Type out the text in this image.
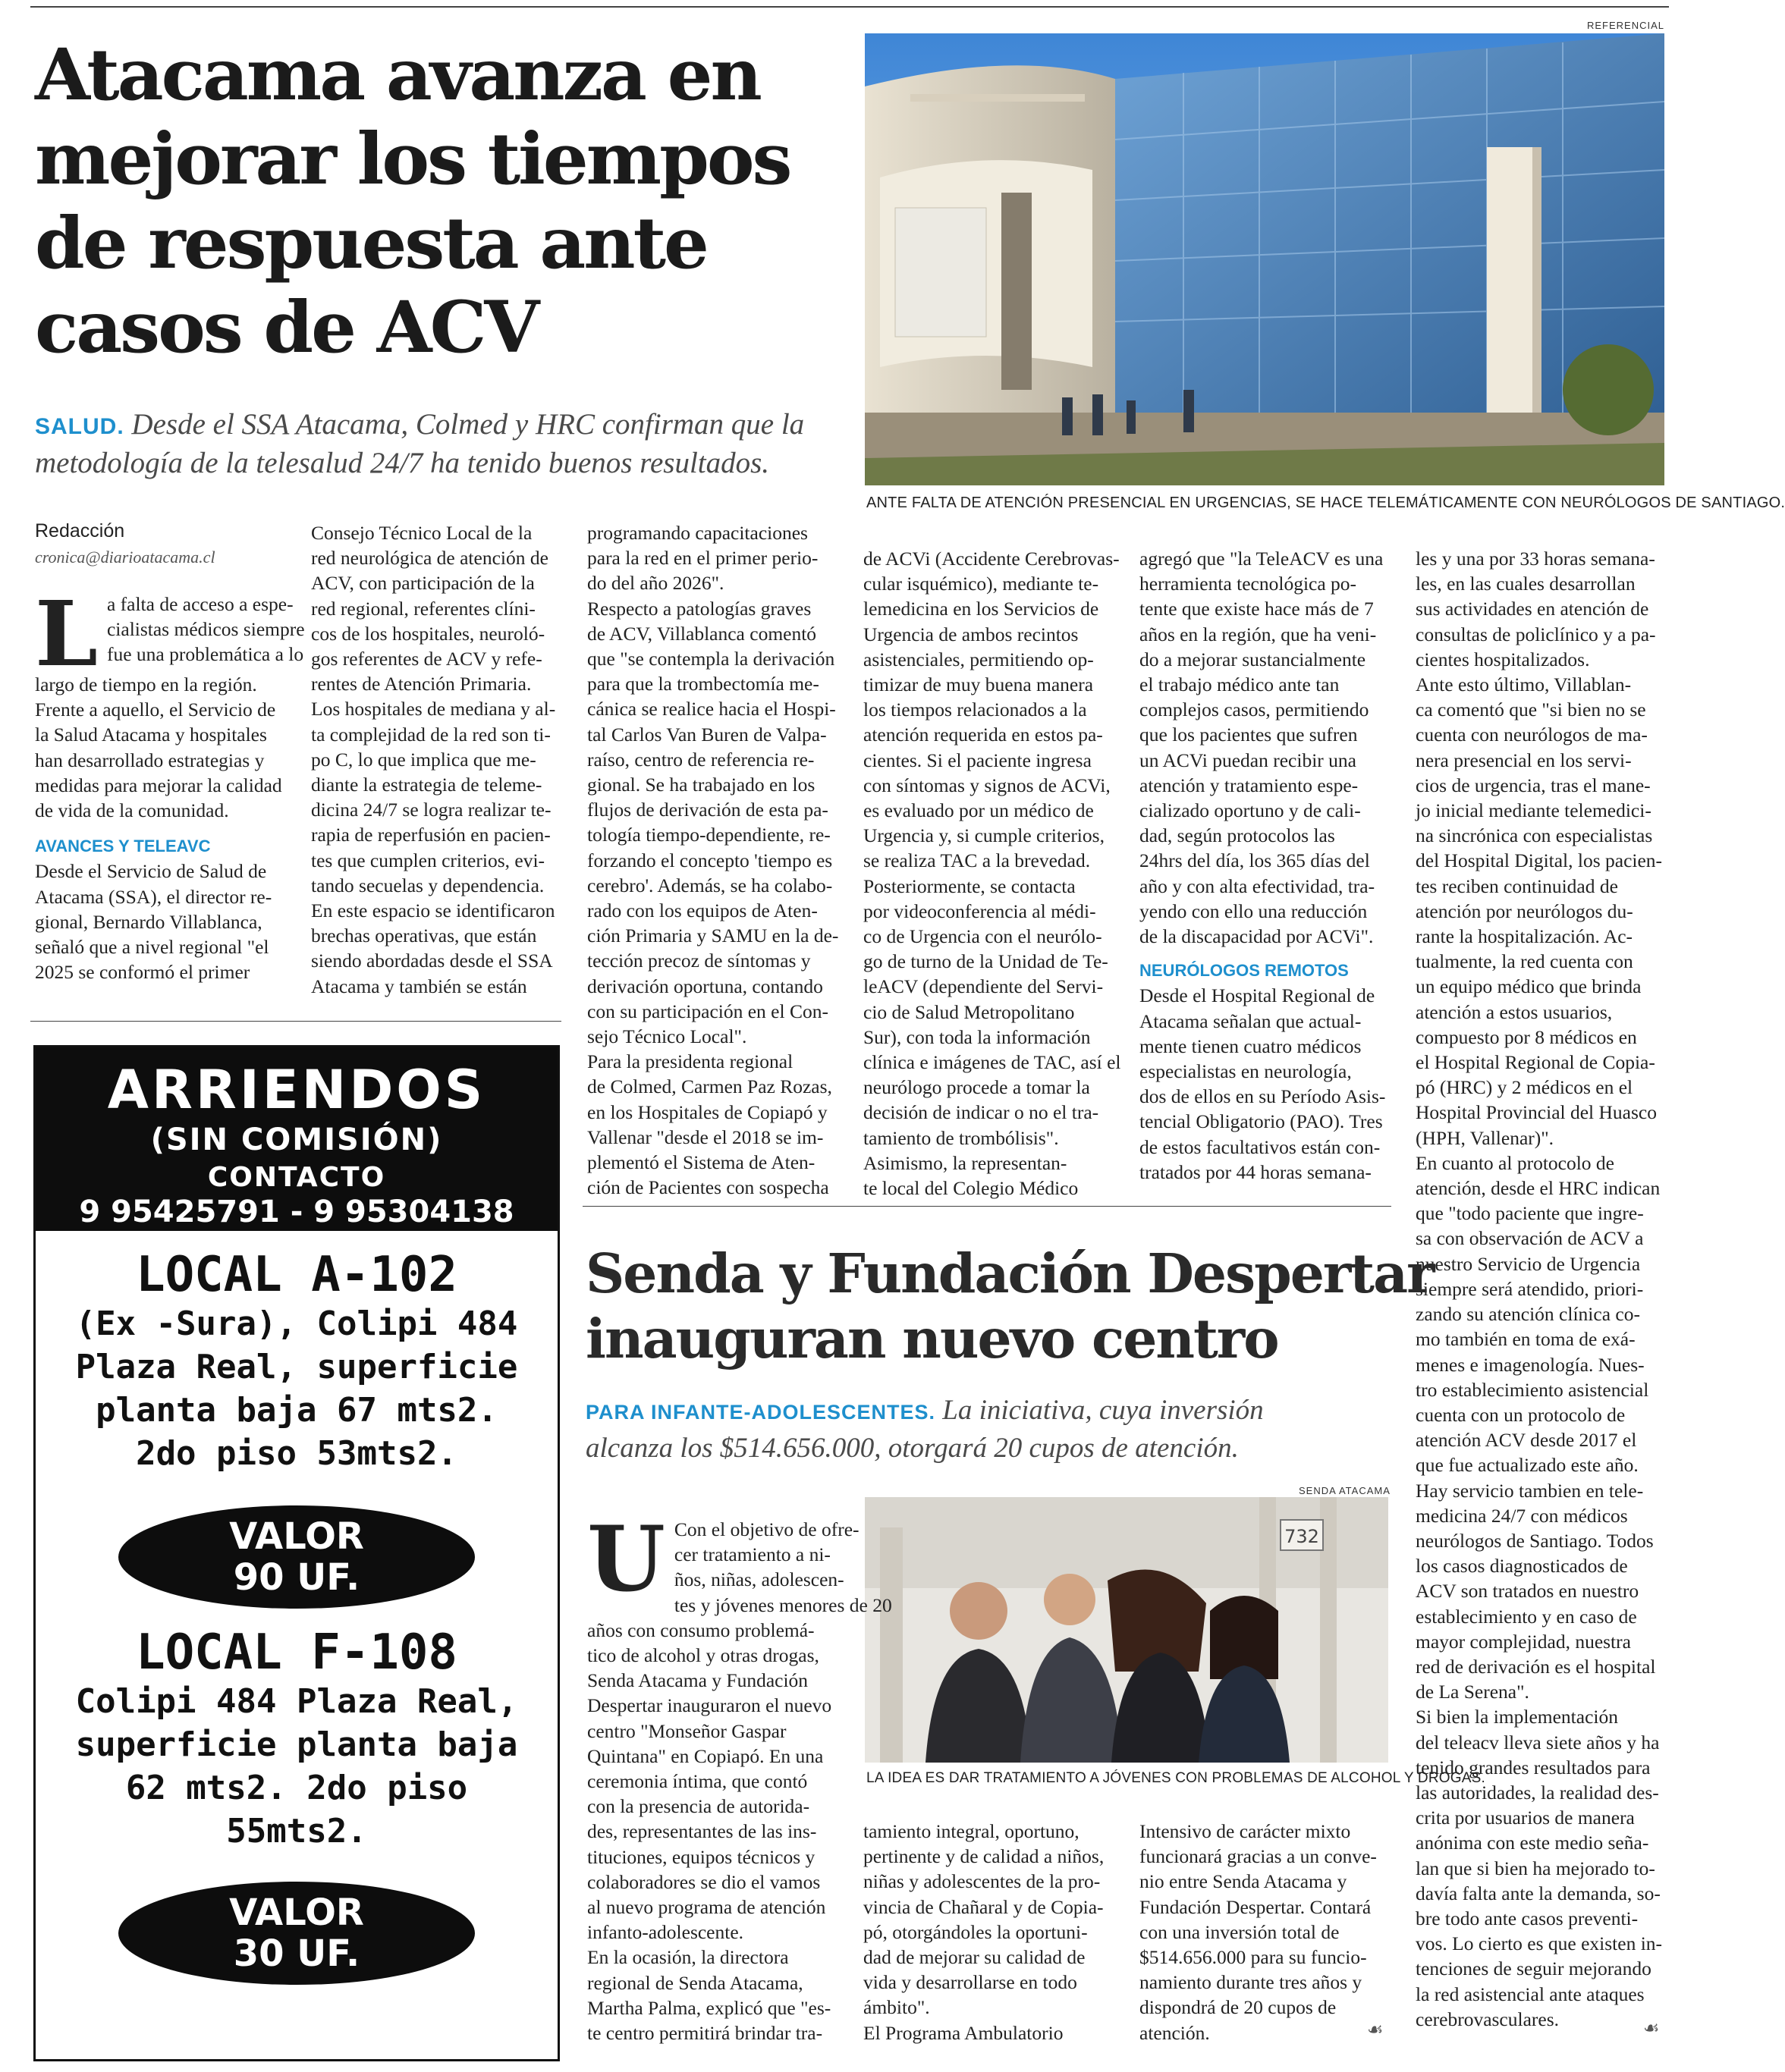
Atacama avanza en
mejorar los tiempos
de respuesta ante
casos de ACV
SALUD. Desde el SSA Atacama, Colmed y HRC confirman que la
metodología de la telesalud 24/7 ha tenido buenos resultados.
REFERENCIAL
ANTE FALTA DE ATENCIÓN PRESENCIAL EN URGENCIAS, SE HACE TELEMÁTICAMENTE CON NEURÓLOGOS DE SANTIAGO.
Redacción
cronica@diarioatacama.cl
L a falta de acceso a espe-
cialistas médicos siempre
fue una problemática a lo
largo de tiempo en la región.
Frente a aquello, el Servicio de
la Salud Atacama y hospitales
han desarrollado estrategias y
medidas para mejorar la calidad
de vida de la comunidad.
AVANCES Y TELEAVC
Desde el Servicio de Salud de
Atacama (SSA), el director re-
gional, Bernardo Villablanca,
señaló que a nivel regional "el
2025 se conformó el primer
Consejo Técnico Local de la
red neurológica de atención de
ACV, con participación de la
red regional, referentes clíni-
cos de los hospitales, neuroló-
gos referentes de ACV y refe-
rentes de Atención Primaria.
Los hospitales de mediana y al-
ta complejidad de la red son ti-
po C, lo que implica que me-
diante la estrategia de teleme-
dicina 24/7 se logra realizar te-
rapia de reperfusión en pacien-
tes que cumplen criterios, evi-
tando secuelas y dependencia.
En este espacio se identificaron
brechas operativas, que están
siendo abordadas desde el SSA
Atacama y también se están
programando capacitaciones
para la red en el primer perio-
do del año 2026".
Respecto a patologías graves
de ACV, Villablanca comentó
que "se contempla la derivación
para que la trombectomía me-
cánica se realice hacia el Hospi-
tal Carlos Van Buren de Valpa-
raíso, centro de referencia re-
gional. Se ha trabajado en los
flujos de derivación de esta pa-
tología tiempo-dependiente, re-
forzando el concepto 'tiempo es
cerebro'. Además, se ha colabo-
rado con los equipos de Aten-
ción Primaria y SAMU en la de-
tección precoz de síntomas y
derivación oportuna, contando
con su participación en el Con-
sejo Técnico Local".
Para la presidenta regional
de Colmed, Carmen Paz Rozas,
en los Hospitales de Copiapó y
Vallenar "desde el 2018 se im-
plementó el Sistema de Aten-
ción de Pacientes con sospecha
de ACVi (Accidente Cerebrovas-
cular isquémico), mediante te-
lemedicina en los Servicios de
Urgencia de ambos recintos
asistenciales, permitiendo op-
timizar de muy buena manera
los tiempos relacionados a la
atención requerida en estos pa-
cientes. Si el paciente ingresa
con síntomas y signos de ACVi,
es evaluado por un médico de
Urgencia y, si cumple criterios,
se realiza TAC a la brevedad.
Posteriormente, se contacta
por videoconferencia al médi-
co de Urgencia con el neurólo-
go de turno de la Unidad de Te-
leACV (dependiente del Servi-
cio de Salud Metropolitano
Sur), con toda la información
clínica e imágenes de TAC, así el
neurólogo procede a tomar la
decisión de indicar o no el tra-
tamiento de trombólisis".
Asimismo, la representan-
te local del Colegio Médico
agregó que "la TeleACV es una
herramienta tecnológica po-
tente que existe hace más de 7
años en la región, que ha veni-
do a mejorar sustancialmente
el trabajo médico ante tan
complejos casos, permitiendo
que los pacientes que sufren
un ACVi puedan recibir una
atención y tratamiento espe-
cializado oportuno y de cali-
dad, según protocolos las
24hrs del día, los 365 días del
año y con alta efectividad, tra-
yendo con ello una reducción
de la discapacidad por ACVi".
NEURÓLOGOS REMOTOS
Desde el Hospital Regional de
Atacama señalan que actual-
mente tienen cuatro médicos
especialistas en neurología,
dos de ellos en su Período Asis-
tencial Obligatorio (PAO). Tres
de estos facultativos están con-
tratados por 44 horas semana-
les y una por 33 horas semana-
les, en las cuales desarrollan
sus actividades en atención de
consultas de policlínico y a pa-
cientes hospitalizados.
Ante esto último, Villablan-
ca comentó que "si bien no se
cuenta con neurólogos de ma-
nera presencial en los servi-
cios de urgencia, tras el mane-
jo inicial mediante telemedici-
na sincrónica con especialistas
del Hospital Digital, los pacien-
tes reciben continuidad de
atención por neurólogos du-
rante la hospitalización. Ac-
tualmente, la red cuenta con
un equipo médico que brinda
atención a estos usuarios,
compuesto por 8 médicos en
el Hospital Regional de Copia-
pó (HRC) y 2 médicos en el
Hospital Provincial del Huasco
(HPH, Vallenar)".
En cuanto al protocolo de
atención, desde el HRC indican
que "todo paciente que ingre-
sa con observación de ACV a
nuestro Servicio de Urgencia
siempre será atendido, priori-
zando su atención clínica co-
mo también en toma de exá-
menes e imagenología. Nues-
tro establecimiento asistencial
cuenta con un protocolo de
atención ACV desde 2017 el
que fue actualizado este año.
Hay servicio tambien en tele-
medicina 24/7 con médicos
neurólogos de Santiago. Todos
los casos diagnosticados de
ACV son tratados en nuestro
establecimiento y en caso de
mayor complejidad, nuestra
red de derivación es el hospital
de La Serena".
Si bien la implementación
del teleacv lleva siete años y ha
tenido grandes resultados para
las autoridades, la realidad des-
crita por usuarios de manera
anónima con este medio seña-
lan que si bien ha mejorado to-
davía falta ante la demanda, so-
bre todo ante casos preventi-
vos. Lo cierto es que existen in-
tenciones de seguir mejorando
la red asistencial ante ataques
cerebrovasculares.	☙
ARRIENDOS
(SIN COMISIÓN)
CONTACTO
9 95425791 - 9 95304138
LOCAL A-102
(Ex -Sura), Colipi 484
Plaza Real, superficie
planta baja 67 mts2.
2do piso 53mts2.
VALOR
90 UF.
LOCAL F-108
Colipi 484 Plaza Real,
superficie planta baja
62 mts2. 2do piso
55mts2.
VALOR
30 UF.
Senda y Fundación Despertar
inauguran nuevo centro
PARA INFANTE-ADOLESCENTES. La iniciativa, cuya inversión
alcanza los $514.656.000, otorgará 20 cupos de atención.
SENDA ATACAMA
732
LA IDEA ES DAR TRATAMIENTO A JÓVENES CON PROBLEMAS DE ALCOHOL Y DROGAS.
U Con el objetivo de ofre-
cer tratamiento a ni-
ños, niñas, adolescen-
tes y jóvenes menores de 20
años con consumo problemá-
tico de alcohol y otras drogas,
Senda Atacama y Fundación
Despertar inauguraron el nuevo
centro "Monseñor Gaspar
Quintana" en Copiapó. En una
ceremonia íntima, que contó
con la presencia de autorida-
des, representantes de las ins-
tituciones, equipos técnicos y
colaboradores se dio el vamos
al nuevo programa de atención
infanto-adolescente.
En la ocasión, la directora
regional de Senda Atacama,
Martha Palma, explicó que "es-
te centro permitirá brindar tra-
tamiento integral, oportuno,
pertinente y de calidad a niños,
niñas y adolescentes de la pro-
vincia de Chañaral y de Copia-
pó, otorgándoles la oportuni-
dad de mejorar su calidad de
vida y desarrollarse en todo
ámbito".
El Programa Ambulatorio
Intensivo de carácter mixto
funcionará gracias a un conve-
nio entre Senda Atacama y
Fundación Despertar. Contará
con una inversión total de
$514.656.000 para su funcio-
namiento durante tres años y
dispondrá de 20 cupos de
atención.	☙
